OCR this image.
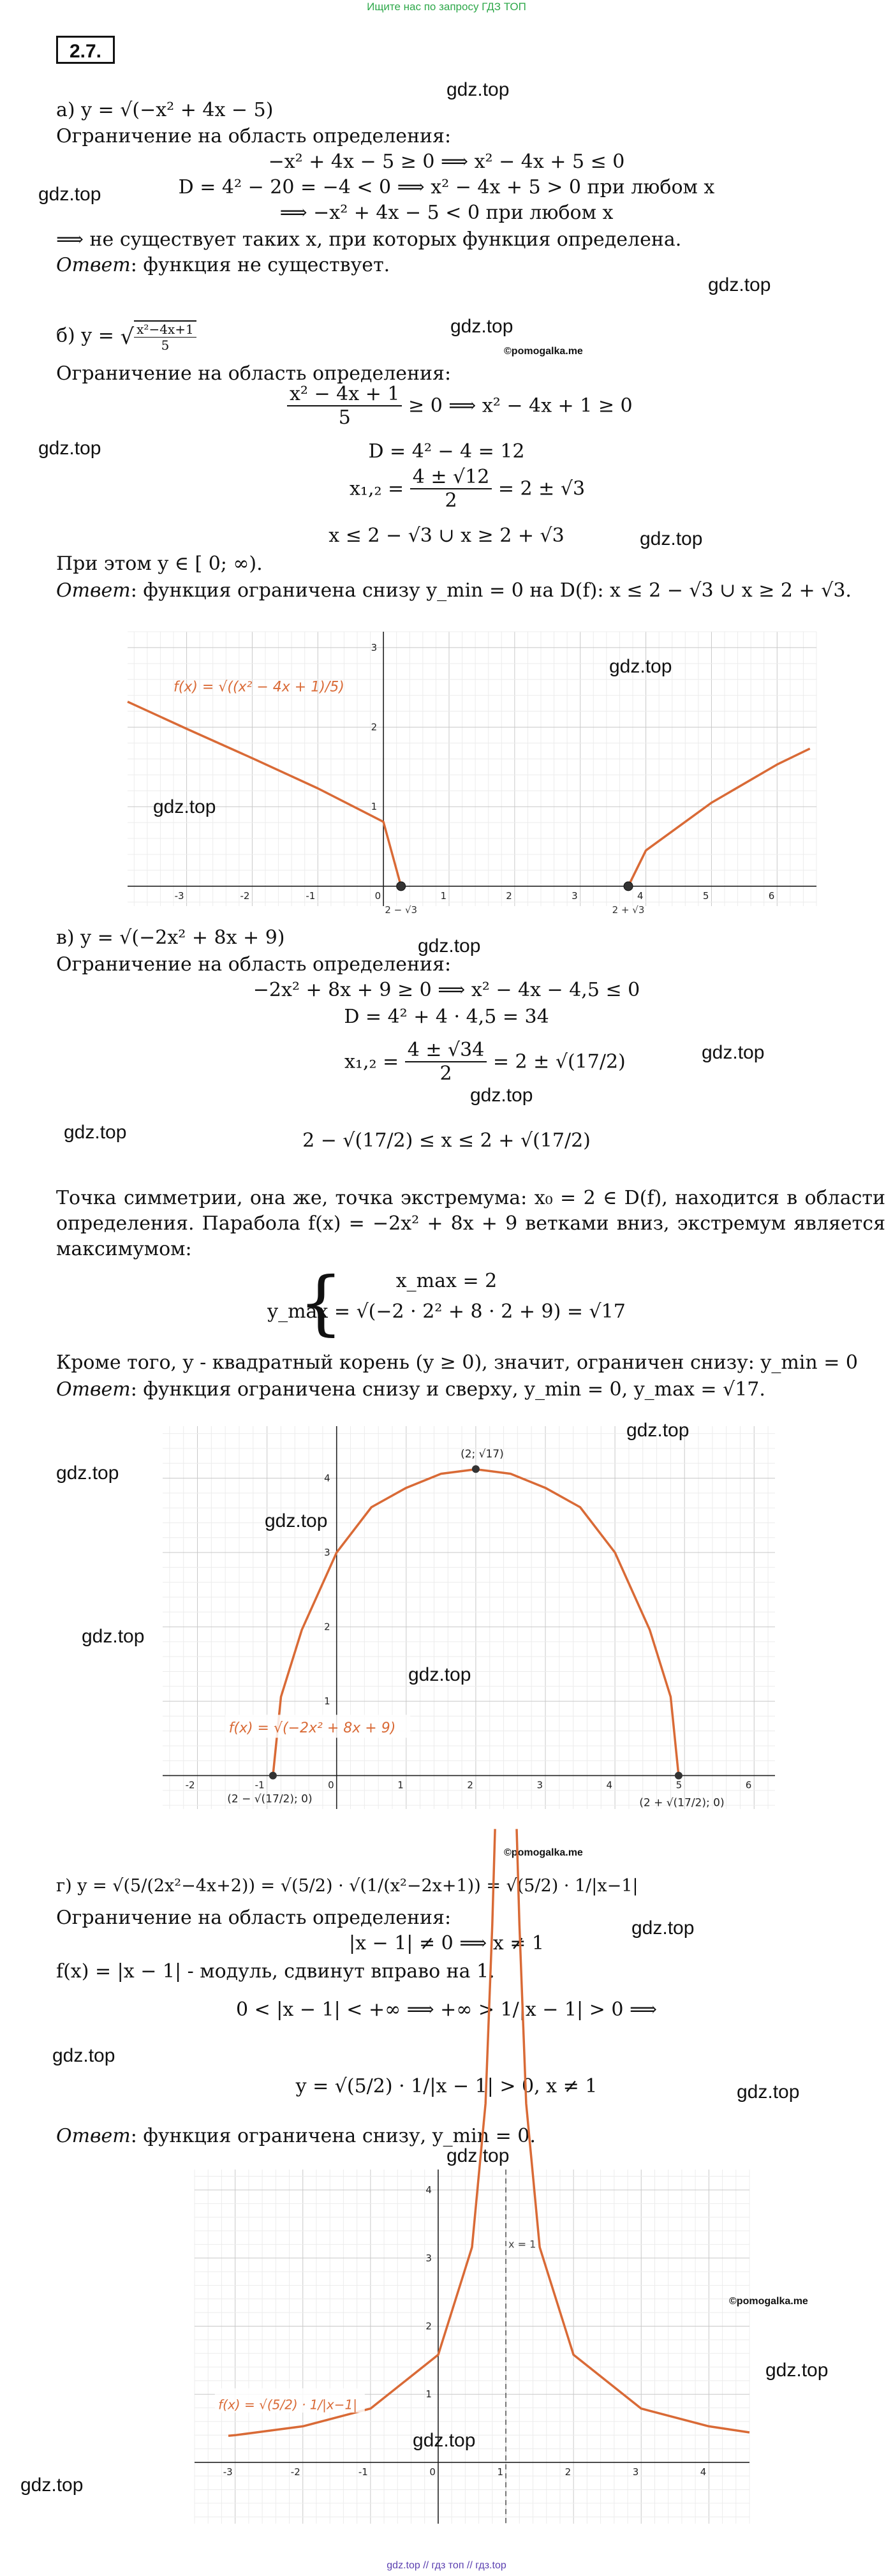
Ищите нас по запросу ГДЗ ТОП
2.7.
gdz.top
gdz.top
gdz.top
gdz.top
©pomogalka.me
gdz.top
gdz.top
а) y = √(−x² + 4x − 5)
Ограничение на область определения:
−x² + 4x − 5 ≥ 0 ⟹ x² − 4x + 5 ≤ 0
D = 4² − 20 = −4 < 0 ⟹ x² − 4x + 5 > 0 при любом x
⟹ −x² + 4x − 5 < 0 при любом x
⟹ не существует таких x, при которых функция определена.
Ответ: функция не существует.
б) y = √ $\frac{\text{x²−4x+1}}{5}$
Ограничение на область определения:
$\frac{\text{x² − 4x + 1}}{5} \ge 0$ ⟹ x² − 4x + 1 ≥ 0
D = 4² − 4 = 12
$x_1,_2 = \frac{4 \pm √12}{2} = 2 \pm √3$
x ≤ 2 − √3 ∪ x ≥ 2 + √3
При этом y ∈ [ 0; ∞).
Ответ: функция ограничена снизу y_min = 0 на D(f): x ≤ 2 − √3 ∪ x ≥ 2 + √3.
-3	-2	-1	0	1	2	3	4	5	6
1
2
3
2 − √3	2 + √3
f(x) = √((x² − 4x + 1)/5)
gdz.top
gdz.top
в) y = √(−2x² + 8x + 9)	gdz.top
Ограничение на область определения:
−2x² + 8x + 9 ≥ 0 ⟹ x² − 4x − 4,5 ≤ 0
D = 4² + 4 · 4,5 = 34
gdz.top
$x_1,_2 = \frac{4 \pm √34}{2} = 2 \pm √(17/2)$
gdz.top
gdz.top	2 − √(17/2) ≤ x ≤ 2 + √(17/2)
Точка симметрии, она же, точка экстремума: x₀ = 2 ∈ D(f), находится в области определения. Парабола f(x) = −2x² + 8x + 9 ветками вниз, экстремум является максимумом:
{	x_max = 2
y_max = √(−2 · 2² + 8 · 2 + 9) = √17
Кроме того, y - квадратный корень (y ≥ 0), значит, ограничен снизу: y_min = 0
Ответ: функция ограничена снизу и сверху, y_min = 0, y_max = √17.
-2	-1	0	1	2	3	4	5	6
1
2
3
4
(2; √17)
(2 − √(17/2); 0)	(2 + √(17/2); 0)
f(x) = √(−2x² + 8x + 9)
gdz.top
gdz.top
gdz.top
gdz.top
gdz.top
©pomogalka.me
г) y = √(5/(2x²−4x+2)) = √(5/2) · √(1/(x²−2x+1)) = √(5/2) · 1/|x−1|
Ограничение на область определения:	gdz.top
|x − 1| ≠ 0 ⟹ x ≠ 1
f(x) = |x − 1| - модуль, сдвинут вправо на 1.
0 < |x − 1| < +∞ ⟹ +∞ > 1/|x − 1| > 0 ⟹
gdz.top
y = √(5/2) · 1/|x − 1| > 0, x ≠ 1	gdz.top
Ответ: функция ограничена снизу, y_min = 0.
gdz.top
-3	-2	-1	0	1	2	3	4
1
2
3
4
x = 1
f(x) = √(5/2) · 1/|x−1|
©pomogalka.me
gdz.top
gdz.top
gdz.top
gdz.top // гдз топ // гдз.top
